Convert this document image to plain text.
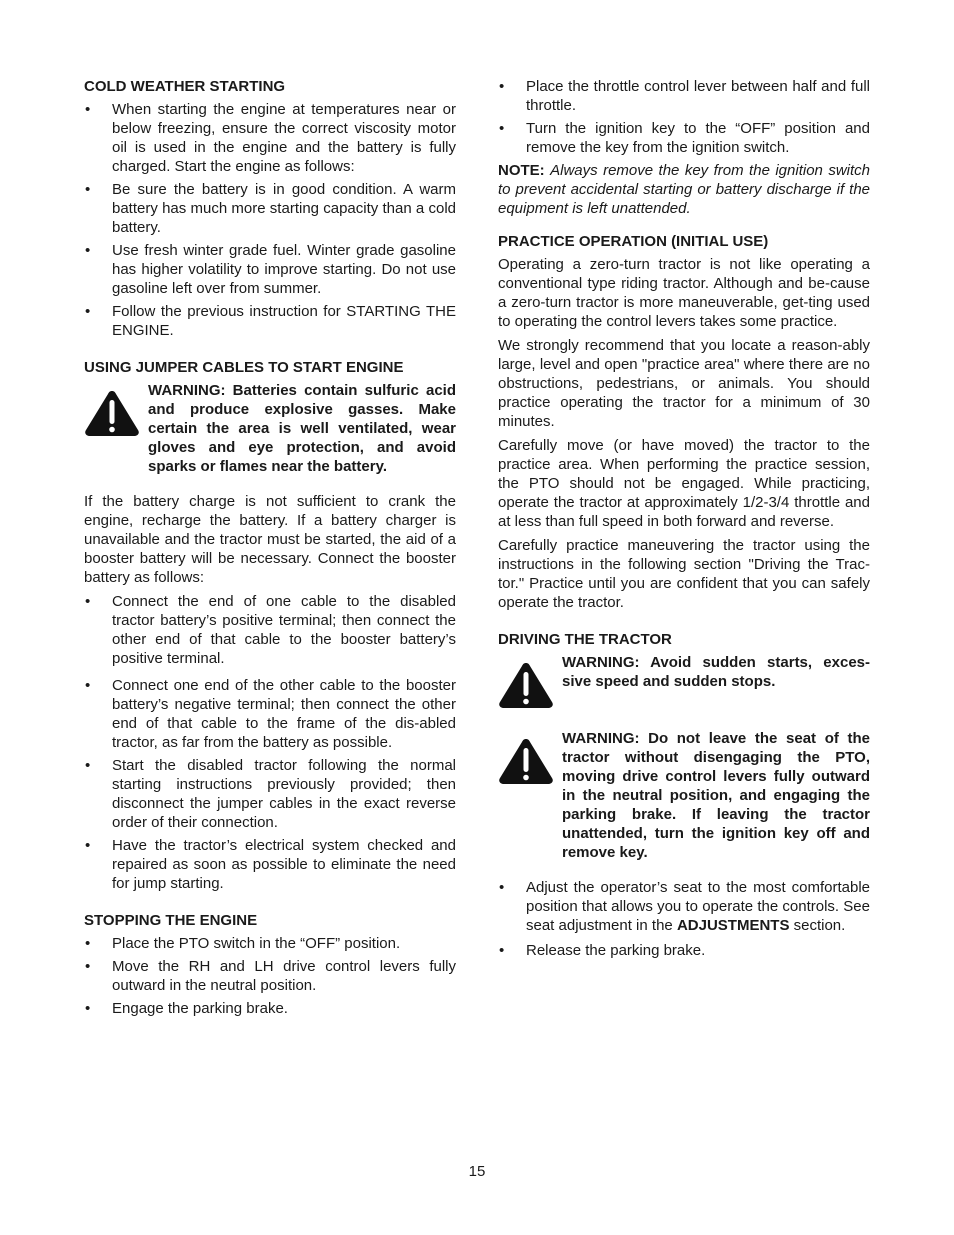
COLD WEATHER STARTING
• When starting the engine at temperatures near or below freezing, ensure the correct viscosity motor oil is used in the engine and the battery is fully charged. Start the engine as follows:
• Be sure the battery is in good condition. A warm battery has much more starting capacity than a cold battery.
• Use fresh winter grade fuel. Winter grade gasoline has higher volatility to improve starting. Do not use gasoline left over from summer.
• Follow the previous instruction for STARTING THE ENGINE.
USING JUMPER CABLES TO START ENGINE
WARNING: Batteries contain sulfuric acid and produce explosive gasses. Make certain the area is well ventilated, wear gloves and eye protection, and avoid sparks or flames near the battery.

If the battery charge is not sufficient to crank the engine, recharge the battery. If a battery charger is unavailable and the tractor must be started, the aid of a booster battery will be necessary. Connect the booster battery as follows:

• Connect the end of one cable to the disabled tractor battery’s positive terminal; then connect the other end of that cable to the booster battery’s positive terminal.
• Connect one end of the other cable to the booster battery’s negative terminal; then connect the other end of that cable to the frame of the dis-abled tractor, as far from the battery as possible.
• Start the disabled tractor following the normal starting instructions previously provided; then disconnect the jumper cables in the exact reverse order of their connection.
• Have the tractor’s electrical system checked and repaired as soon as possible to eliminate the need for jump starting.
STOPPING THE ENGINE
• Place the PTO switch in the “OFF” position.
• Move the RH and LH drive control levers fully outward in the neutral position.
• Engage the parking brake.
• Place the throttle control lever between half and full throttle.
• Turn the ignition key to the “OFF” position and remove the key from the ignition switch.

NOTE: Always remove the key from the ignition switch to prevent accidental starting or battery discharge if the equipment is left unattended.

PRACTICE OPERATION (INITIAL USE)

Operating a zero-turn tractor is not like operating a conventional type riding tractor. Although and be-cause a zero-turn tractor is more maneuverable, get-ting used to operating the control levers takes some practice.

We strongly recommend that you locate a reason-ably large, level and open "practice area" where there are no obstructions, pedestrians, or animals. You should practice operating the tractor for a minimum of 30 minutes.

Carefully move (or have moved) the tractor to the practice area. When performing the practice session, the PTO should not be engaged. While practicing, operate the tractor at approximately 1/2-3/4 throttle and at less than full speed in both forward and reverse.

Carefully practice maneuvering the tractor using the instructions in the following section "Driving the Trac-tor." Practice until you are confident that you can safely operate the tractor.

DRIVING THE TRACTOR
WARNING: Avoid sudden starts, exces-sive speed and sudden stops.
WARNING: Do not leave the seat of the tractor without disengaging the PTO, moving drive control levers fully outward in the neutral position, and engaging the parking brake. If leaving the tractor unattended, turn the ignition key off and remove key.
• Adjust the operator’s seat to the most comfortable position that allows you to operate the controls. See seat adjustment in the ADJUSTMENTS section.
• Release the parking brake.
15
